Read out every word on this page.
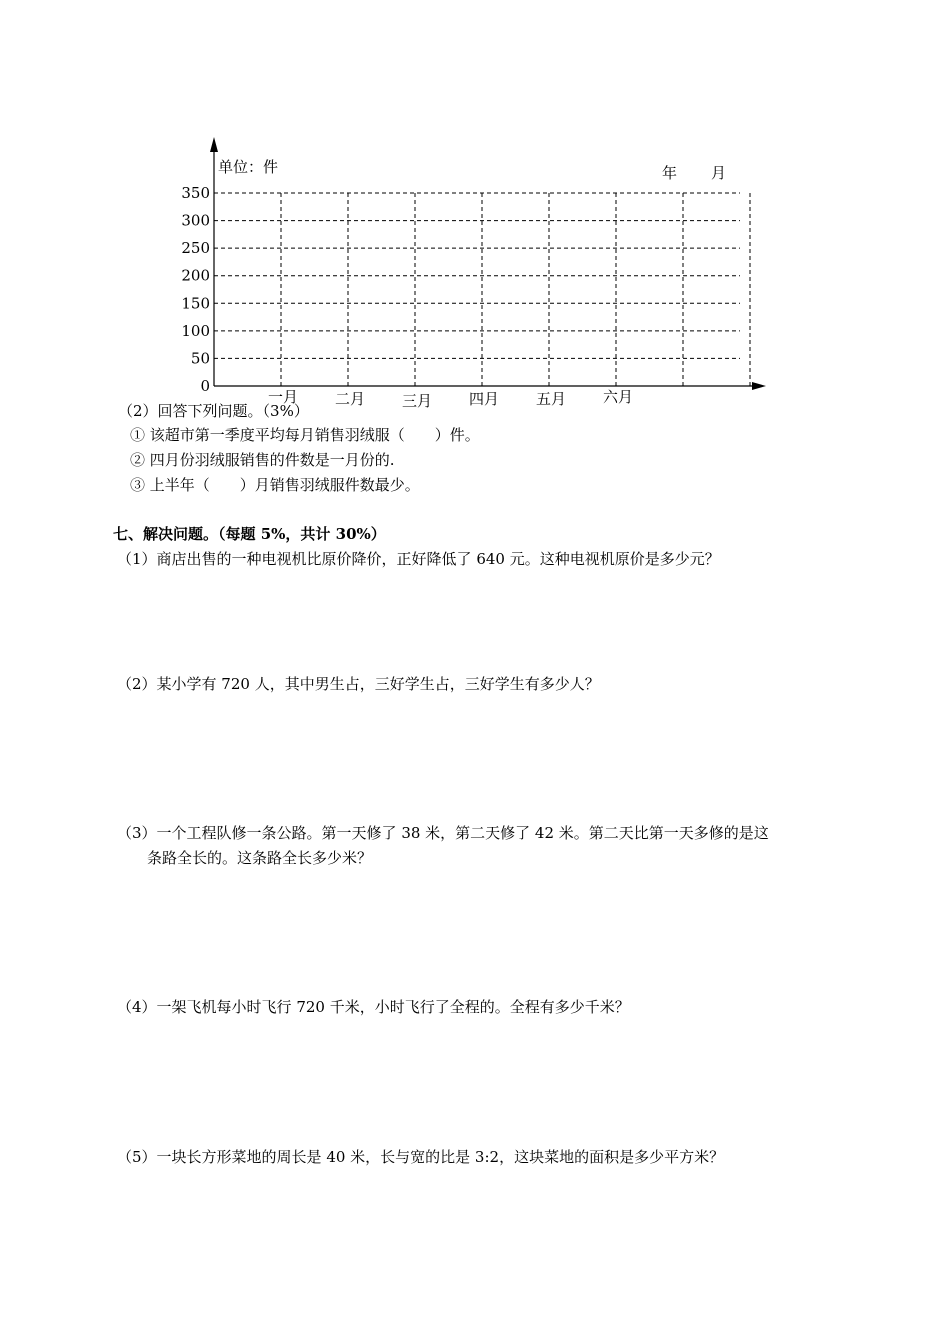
0
50
100
150
200
250
300
350
一月 二月 三月 四月 五月 六月
单位：件	年 月
（2）回答下列问题。（3%）
① 该超市第一季度平均每月销售羽绒服（　　）件。
② 四月份羽绒服销售的件数是一月份的.
③ 上半年（　　）月销售羽绒服件数最少。
七、解决问题。（每题 5%，共计 30%）
（1）商店出售的一种电视机比原价降价，正好降低了 640 元。这种电视机原价是多少元？
（2）某小学有 720 人，其中男生占，三好学生占，三好学生有多少人？
（3）一个工程队修一条公路。第一天修了 38 米，第二天修了 42 米。第二天比第一天多修的是这
条路全长的。这条路全长多少米？
（4）一架飞机每小时飞行 720 千米，小时飞行了全程的。全程有多少千米？
（5）一块长方形菜地的周长是 40 米，长与宽的比是 3:2，这块菜地的面积是多少平方米？
